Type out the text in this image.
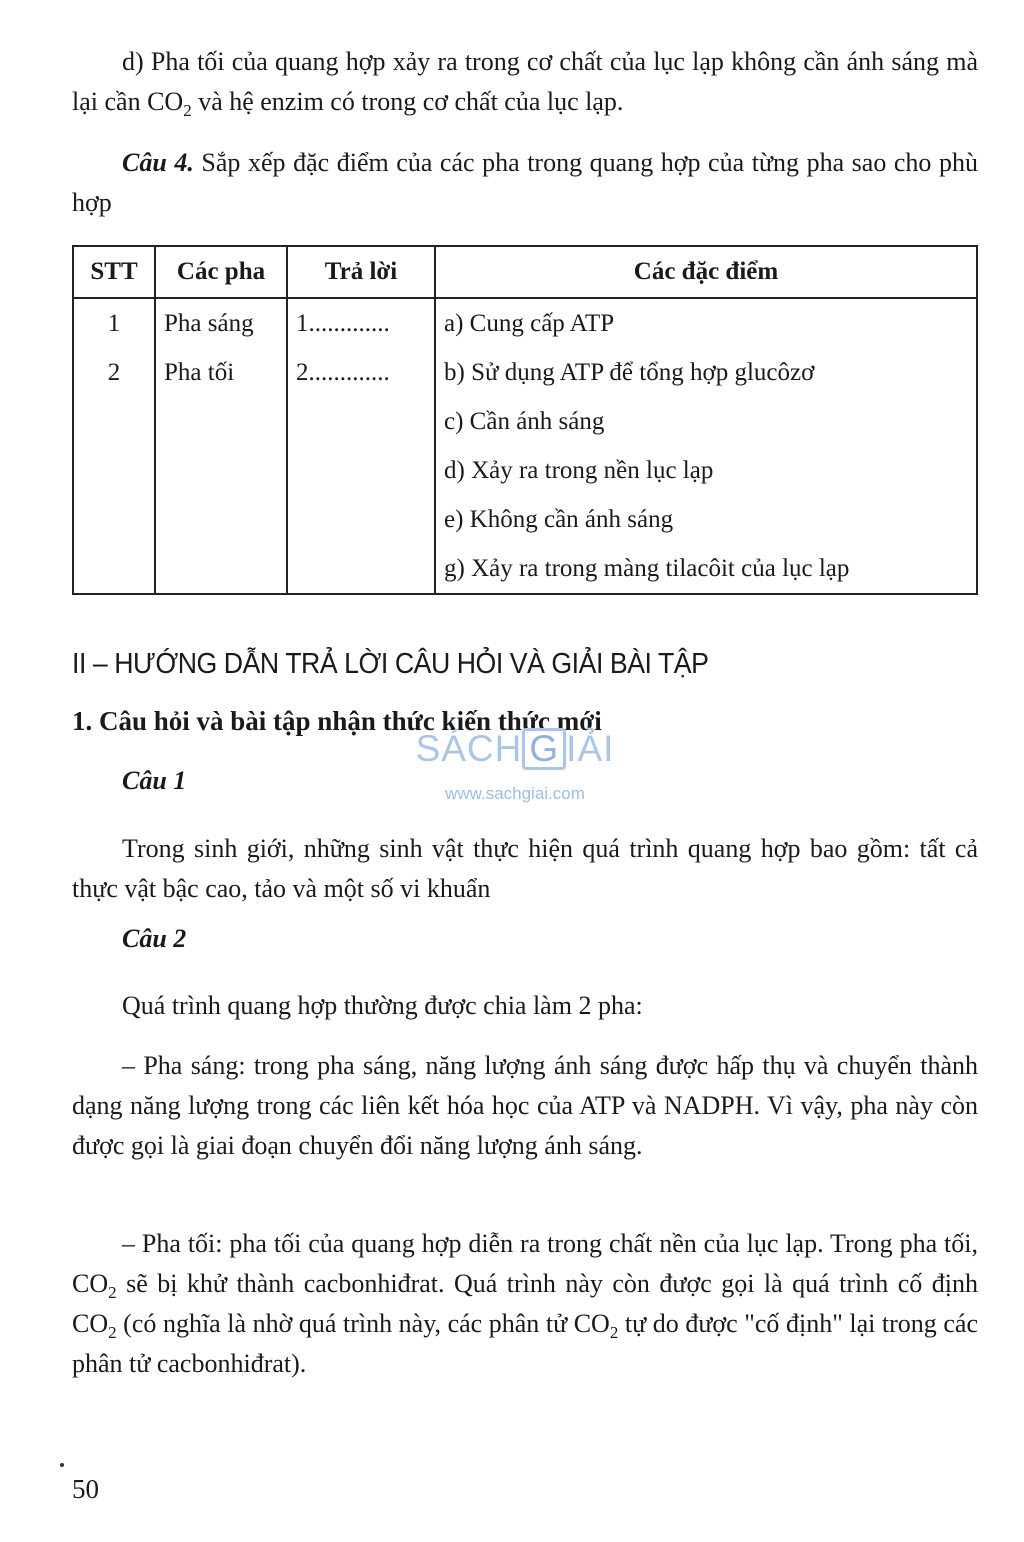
d) Pha tối của quang hợp xảy ra trong cơ chất của lục lạp không cần ánh sáng mà lại cần $CO_2$ và hệ enzim có trong cơ chất của lục lạp.

Câu 4. Sắp xếp đặc điểm của các pha trong quang hợp của từng pha sao cho phù hợp

STT	Các pha	Trả lời	Các đặc điểm
1	Pha sáng	1.............	a) Cung cấp ATP
2	Pha tối	2.............	b) Sử dụng ATP để tổng hợp glucôzơ
			c) Cần ánh sáng
			d) Xảy ra trong nền lục lạp
			e) Không cần ánh sáng
			g) Xảy ra trong màng tilacôit của lục lạp
II – HƯỚNG DẪN TRẢ LỜI CÂU HỎI VÀ GIẢI BÀI TẬP
1. Câu hỏi và bài tập nhận thức kiến thức mới
SÁCH G IẢI
www.sachgiai.com
Câu 1

Trong sinh giới, những sinh vật thực hiện quá trình quang hợp bao gồm: tất cả thực vật bậc cao, tảo và một số vi khuẩn

Câu 2

Quá trình quang hợp thường được chia làm 2 pha:

– Pha sáng: trong pha sáng, năng lượng ánh sáng được hấp thụ và chuyển thành dạng năng lượng trong các liên kết hóa học của ATP và NADPH. Vì vậy, pha này còn được gọi là giai đoạn chuyển đổi năng lượng ánh sáng.

– Pha tối: pha tối của quang hợp diễn ra trong chất nền của lục lạp. Trong pha tối, $CO_2$ sẽ bị khử thành cacbonhiđrat. Quá trình này còn được gọi là quá trình cố định $CO_2$ (có nghĩa là nhờ quá trình này, các phân tử $CO_2$ tự do được "cố định" lại trong các phân tử cacbonhiđrat).

50
